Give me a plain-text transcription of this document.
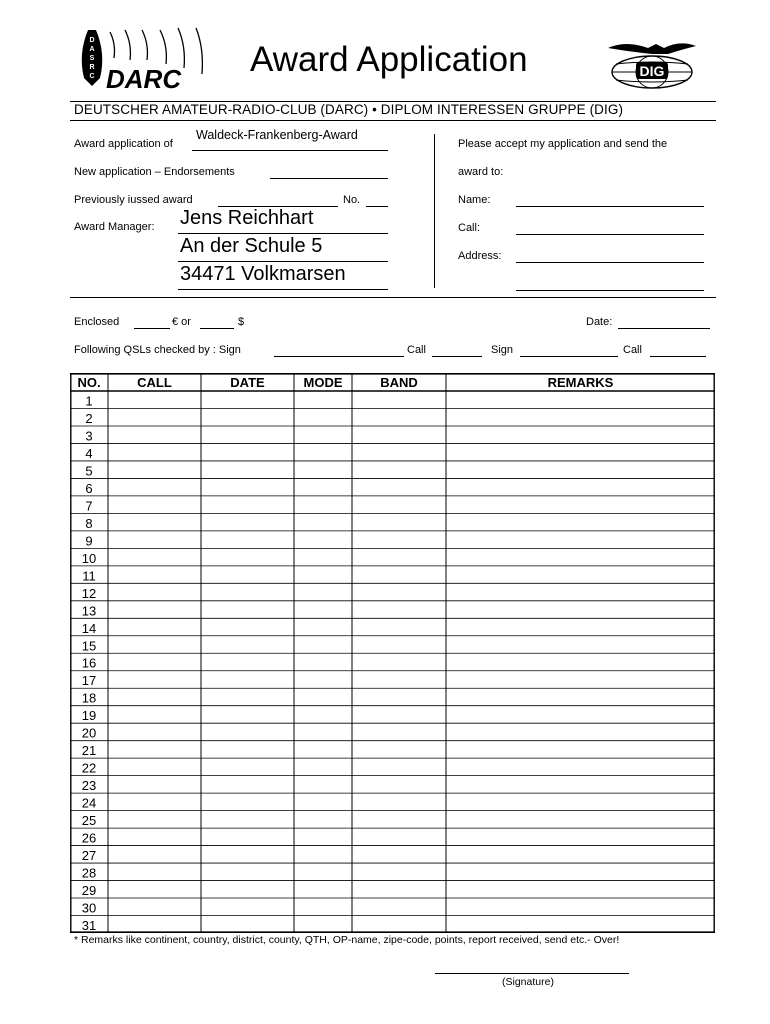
D
A
S
R
C DARC Award Application	DIG
DEUTSCHER AMATEUR-RADIO-CLUB (DARC) • DIPLOM INTERESSEN GRUPPE (DIG)
Award application of
Waldeck-Frankenberg-Award
New application – Endorsements
Previously iussed award	No.
Award Manager: Jens Reichhart
An der Schule 5
34471 Volkmarsen
Please accept my application and send the
award to:
Name:
Call:
Address:
Enclosed	€ or	$	Date:
Following QSLs checked by : Sign	Call	Sign	Call
NO.	CALL	DATE	MODE	BAND	REMARKS
1
2
3
4
5
6
7
8
9
10
11
12
13
14
15
16
17
18
19
20
21
22
23
24
25
26
27
28
29
30
31
* Remarks like continent, country, district, county, QTH, OP-name, zipe-code, points, report received, send etc.- Over!
(Signature)
